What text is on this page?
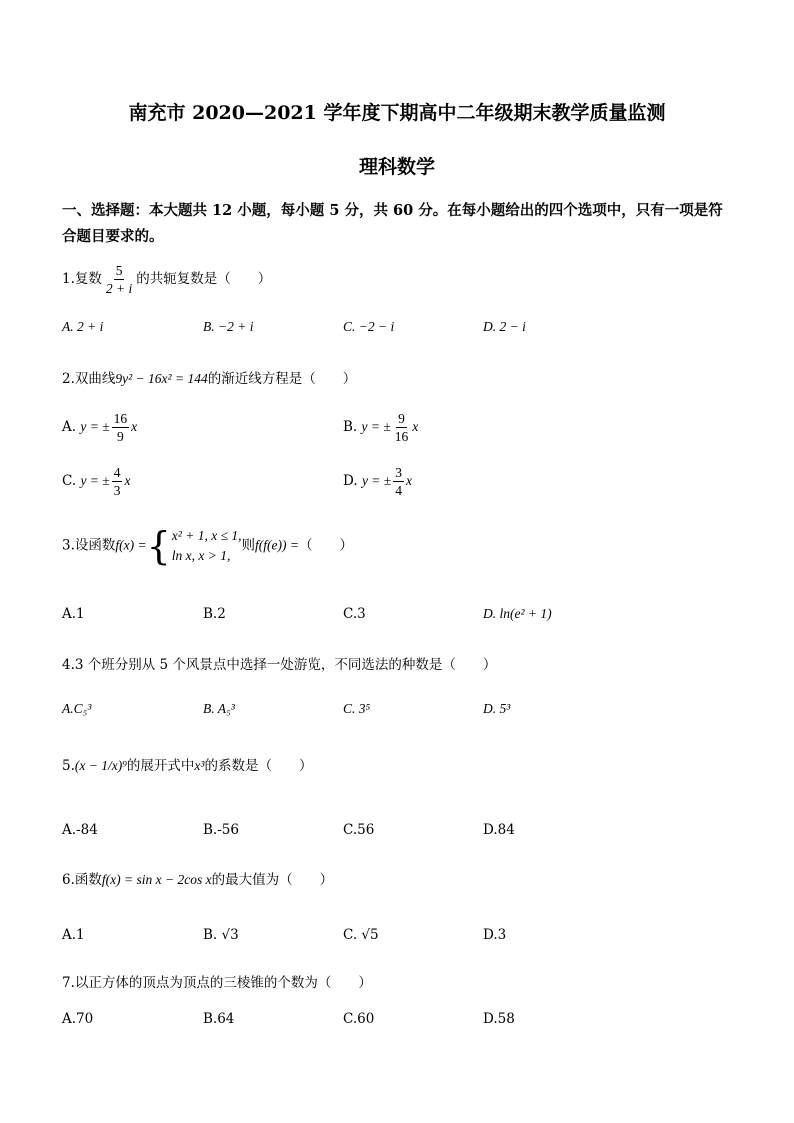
南充市 2020—2021 学年度下期高中二年级期末教学质量监测
理科数学
一、选择题：本大题共 12 小题，每小题 5 分，共 60 分。在每小题给出的四个选项中，只有一项是符合题目要求的。
1.复数 $\frac{5}{2 + i}$ 的共轭复数是（　　）
A. 2 + i	B. −2 + i	C. −2 − i	D. 2 − i
2.双曲线9y² − 16x² = 144的渐近线方程是（　　）
A. y = ± $\frac{16}{9}$ x	B. y = ± $\frac{9}{16}$ x
C. y = ± $\frac{4}{3}$ x	D. y = ± $\frac{3}{4}$ x
3.设函数f(x) ={ x² + 1, x ≤ 1,
ln x, x > 1,
则f(f(e)) =（　　）
A.1	B.2	C.3	D. ln(e² + 1)
4.3 个班分别从 5 个风景点中选择一处游览，不同选法的种数是（　　）
A.C₅³	B. A₅³	C. 3⁵	D. 5³
5.(x − 1/x)⁹的展开式中x³的系数是（　　）
A.-84	B.-56	C.56	D.84
6.函数f(x) = sin x − 2cos x的最大值为（　　）
A.1	B. √3	C. √5	D.3
7.以正方体的顶点为顶点的三棱锥的个数为（　　）
A.70	B.64	C.60	D.58
